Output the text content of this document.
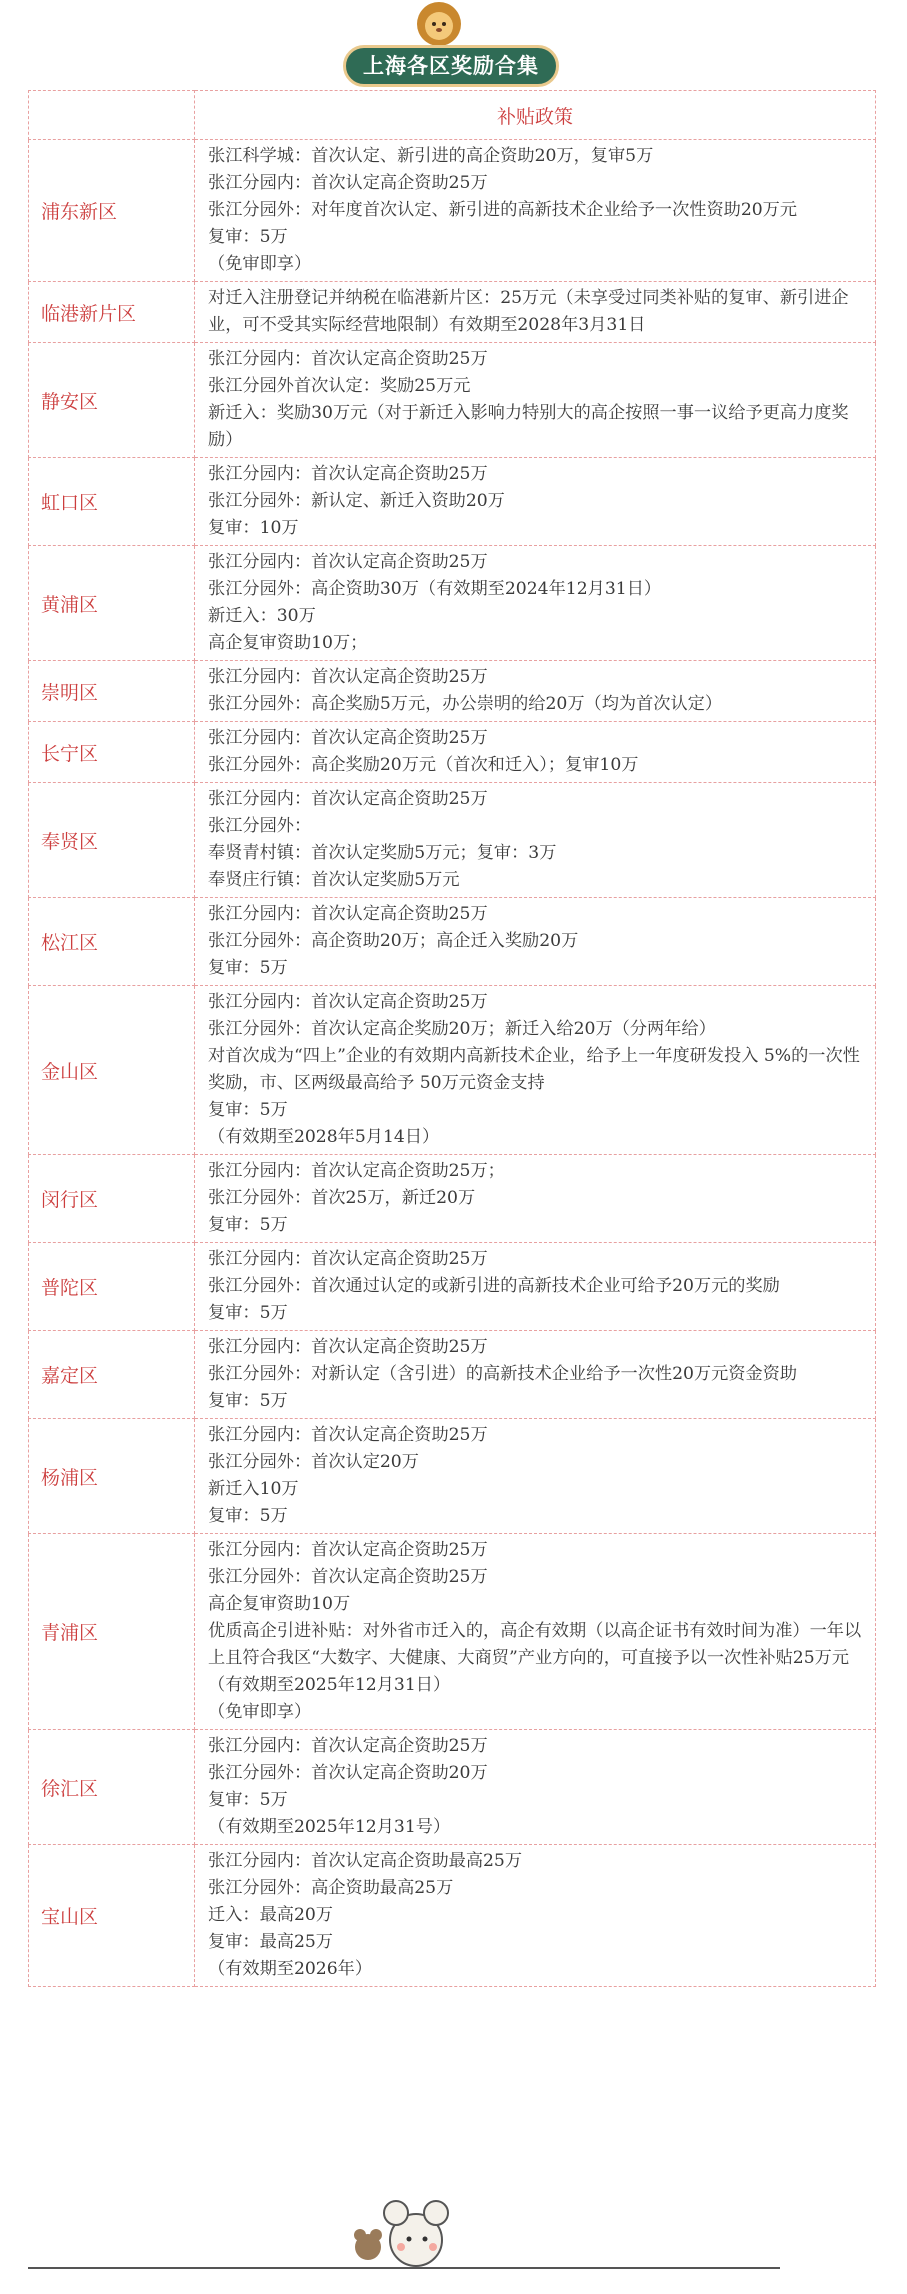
上海各区奖励合集
	补贴政策
浦东新区	张江科学城：首次认定、新引进的高企资助20万，复审5万
张江分园内：首次认定高企资助25万
张江分园外：对年度首次认定、新引进的高新技术企业给予一次性资助20万元
复审：5万
（免审即享）

临港新片区	对迁入注册登记并纳税在临港新片区：25万元（未享受过同类补贴的复审、新引进企业，可不受其实际经营地限制）有效期至2028年3月31日

静安区	张江分园内：首次认定高企资助25万
张江分园外首次认定：奖励25万元
新迁入：奖励30万元（对于新迁入影响力特别大的高企按照一事一议给予更高力度奖励）

虹口区	张江分园内：首次认定高企资助25万
张江分园外：新认定、新迁入资助20万
复审：10万

黄浦区	张江分园内：首次认定高企资助25万
张江分园外：高企资助30万（有效期至2024年12月31日）
新迁入：30万
高企复审资助10万；

崇明区	张江分园内：首次认定高企资助25万
张江分园外：高企奖励5万元，办公崇明的给20万（均为首次认定）

长宁区	张江分园内：首次认定高企资助25万
张江分园外：高企奖励20万元（首次和迁入）；复审10万

奉贤区	张江分园内：首次认定高企资助25万
张江分园外：
奉贤青村镇：首次认定奖励5万元；复审：3万
奉贤庄行镇：首次认定奖励5万元

松江区	张江分园内：首次认定高企资助25万
张江分园外：高企资助20万；高企迁入奖励20万
复审：5万

金山区	张江分园内：首次认定高企资助25万
张江分园外：首次认定高企奖励20万；新迁入给20万（分两年给）
对首次成为“四上”企业的有效期内高新技术企业，给予上一年度研发投入 5%的一次性奖励，市、区两级最高给予 50万元资金支持
复审：5万
（有效期至2028年5月14日）

闵行区	张江分园内：首次认定高企资助25万；
张江分园外：首次25万，新迁20万
复审：5万

普陀区	张江分园内：首次认定高企资助25万
张江分园外：首次通过认定的或新引进的高新技术企业可给予20万元的奖励
复审：5万

嘉定区	张江分园内：首次认定高企资助25万
张江分园外：对新认定（含引进）的高新技术企业给予一次性20万元资金资助
复审：5万

杨浦区	张江分园内：首次认定高企资助25万
张江分园外：首次认定20万
新迁入10万
复审：5万

青浦区	张江分园内：首次认定高企资助25万
张江分园外：首次认定高企资助25万
高企复审资助10万
优质高企引进补贴：对外省市迁入的，高企有效期（以高企证书有效时间为准）一年以上且符合我区“大数字、大健康、大商贸”产业方向的，可直接予以一次性补贴25万元（有效期至2025年12月31日）
（免审即享）

徐汇区	张江分园内：首次认定高企资助25万
张江分园外：首次认定高企资助20万
复审：5万
（有效期至2025年12月31号）

宝山区	张江分园内：首次认定高企资助最高25万
张江分园外：高企资助最高25万
迁入：最高20万
复审：最高25万
（有效期至2026年）
